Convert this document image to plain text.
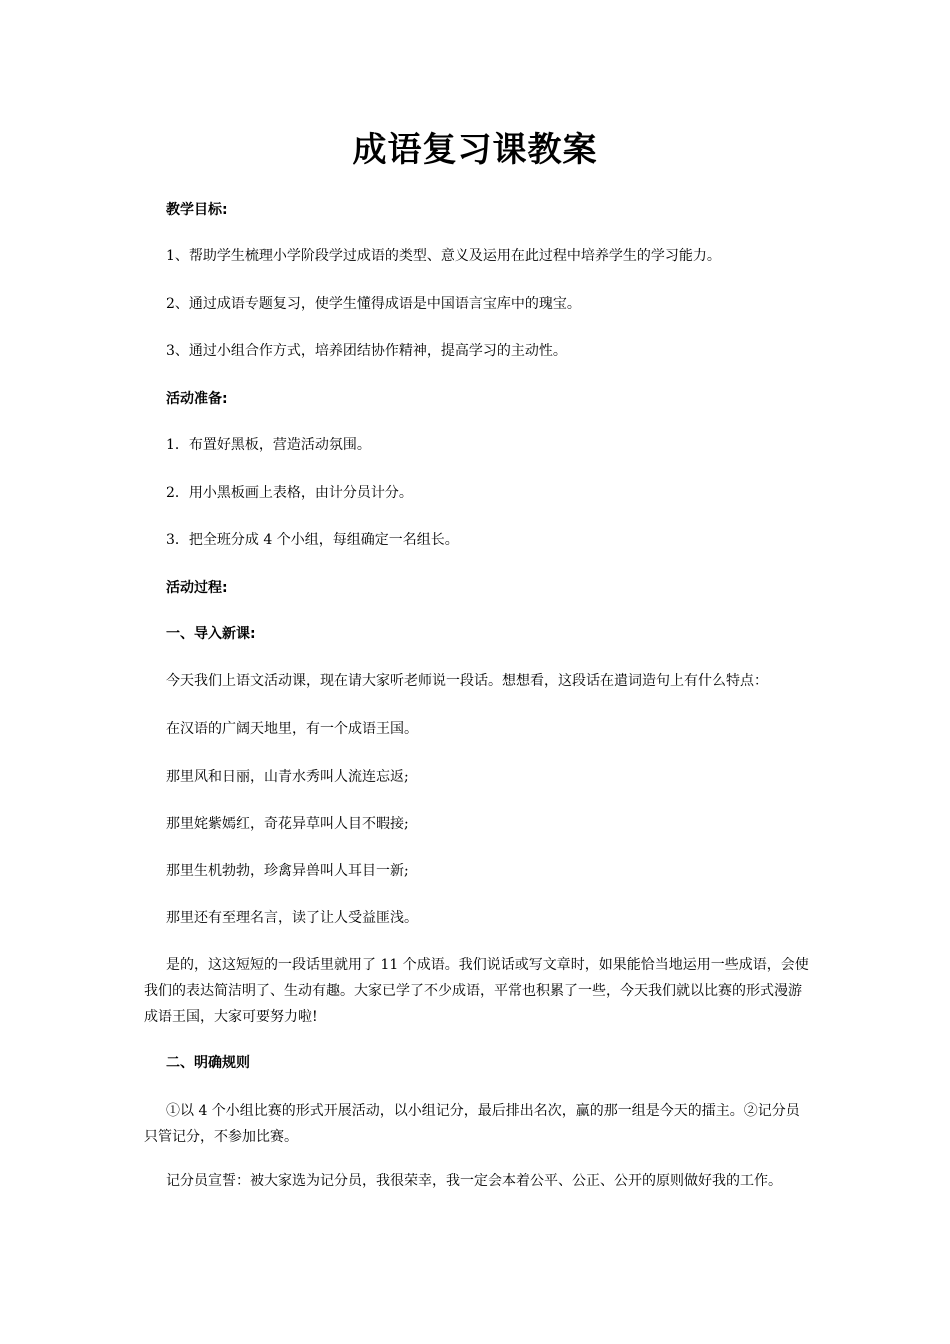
成语复习课教案

教学目标:

1、帮助学生梳理小学阶段学过成语的类型、意义及运用在此过程中培养学生的学习能力。

2、通过成语专题复习，使学生懂得成语是中国语言宝库中的瑰宝。

3、通过小组合作方式，培养团结协作精神，提高学习的主动性。

活动准备:

1．布置好黑板，营造活动氛围。

2．用小黑板画上表格，由计分员计分。

3．把全班分成 4 个小组，每组确定一名组长。

活动过程:

一、导入新课:

今天我们上语文活动课，现在请大家听老师说一段话。想想看，这段话在遣词造句上有什么特点：

在汉语的广阔天地里，有一个成语王国。

那里风和日丽，山青水秀叫人流连忘返;

那里姹紫嫣红，奇花异草叫人目不暇接;

那里生机勃勃，珍禽异兽叫人耳目一新;

那里还有至理名言，读了让人受益匪浅。

是的，这这短短的一段话里就用了 11 个成语。我们说话或写文章时，如果能恰当地运用一些成语，会使我们的表达简洁明了、生动有趣。大家已学了不少成语，平常也积累了一些，今天我们就以比赛的形式漫游成语王国，大家可要努力啦!

二、明确规则

①以 4 个小组比赛的形式开展活动，以小组记分，最后排出名次，赢的那一组是今天的擂主。②记分员只管记分，不参加比赛。

记分员宣誓：被大家选为记分员，我很荣幸，我一定会本着公平、公正、公开的原则做好我的工作。
